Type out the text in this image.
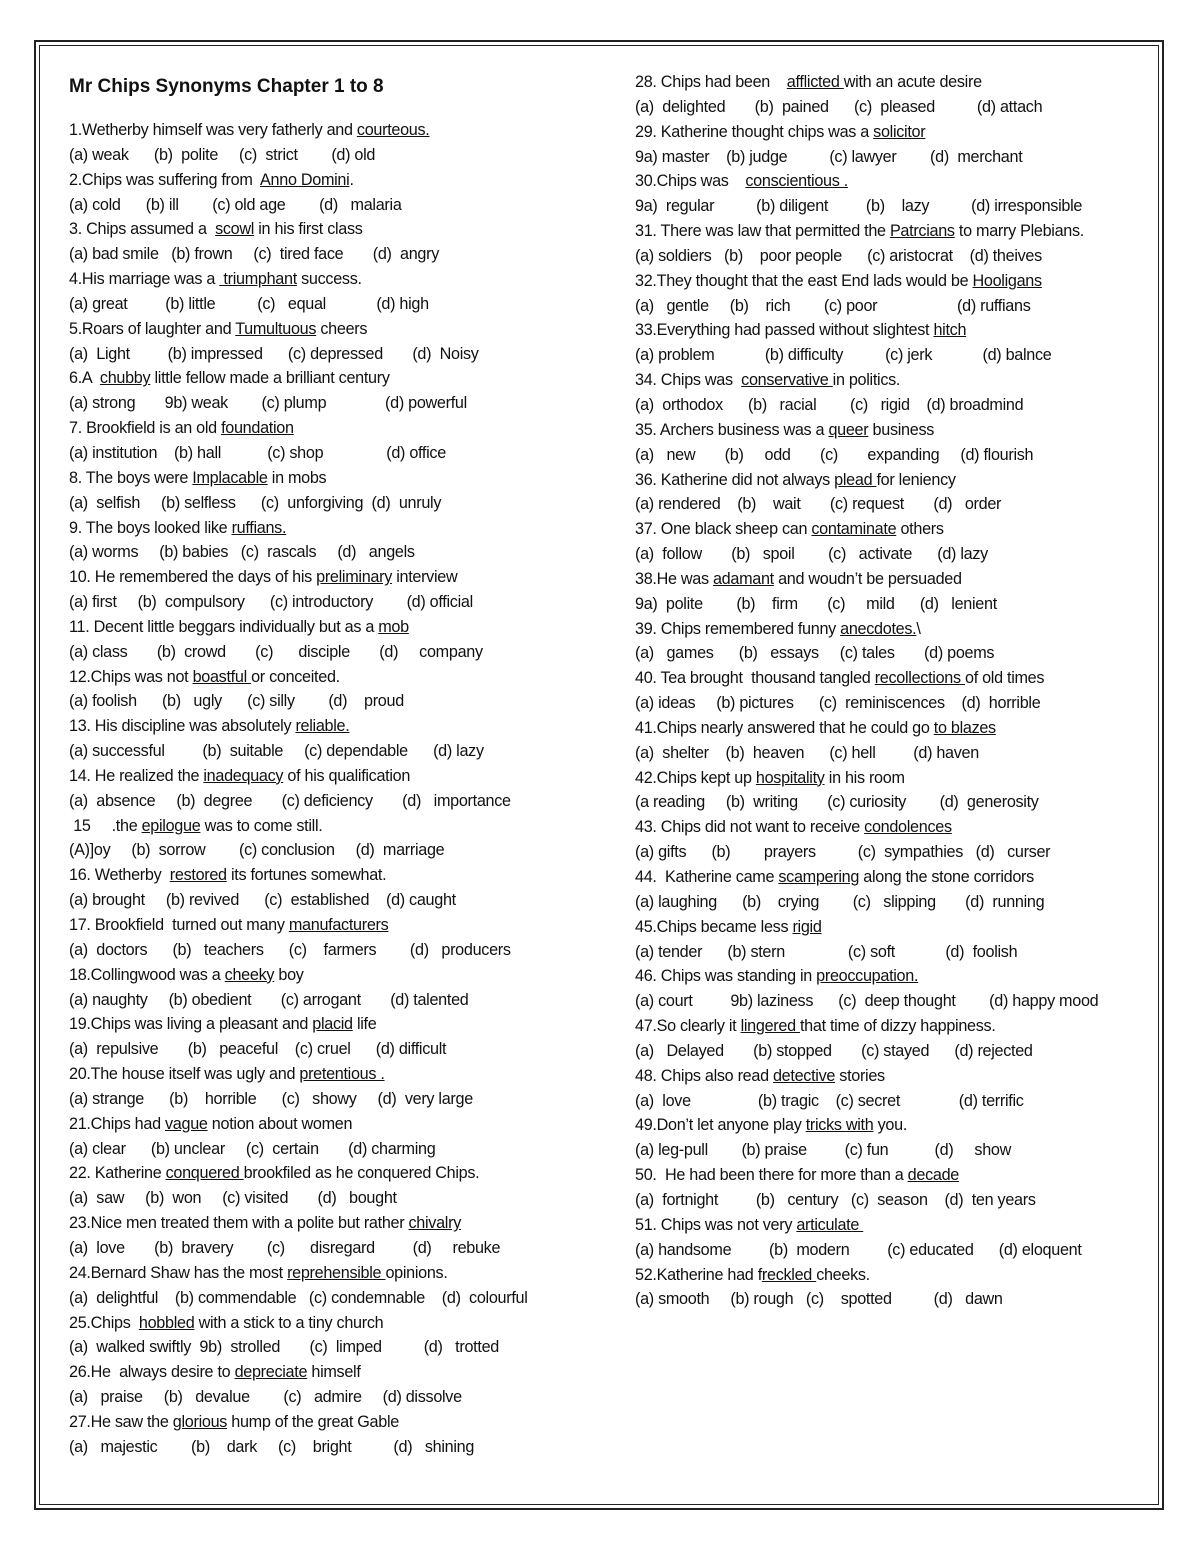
Mr Chips Synonyms Chapter 1 to 8
1.Wetherby himself was very fatherly and courteous.
(a) weak      (b)  polite     (c)  strict        (d) old
2.Chips was suffering from  Anno Domini.
(a) cold      (b) ill        (c) old age        (d)   malaria
3. Chips assumed a  scowl in his first class
(a) bad smile   (b) frown     (c)  tired face       (d)  angry
4.His marriage was a  triumphant success.
(a) great         (b) little          (c)   equal            (d) high
5.Roars of laughter and Tumultuous cheers
(a)  Light         (b) impressed      (c) depressed       (d)  Noisy
6.A  chubby little fellow made a brilliant century
(a) strong       9b) weak        (c) plump              (d) powerful
7. Brookfield is an old foundation
(a) institution    (b) hall           (c) shop               (d) office
8. The boys were Implacable in mobs
(a)  selfish     (b) selfless      (c)  unforgiving  (d)  unruly
9. The boys looked like ruffians.
(a) worms     (b) babies   (c)  rascals     (d)   angels
10. He remembered the days of his preliminary interview
(a) first     (b)  compulsory      (c) introductory        (d) official
11. Decent little beggars individually but as a mob
(a) class       (b)  crowd       (c)      disciple       (d)     company
12.Chips was not boastful or conceited.
(a) foolish      (b)   ugly      (c) silly        (d)    proud
13. His discipline was absolutely reliable.
(a) successful         (b)  suitable     (c) dependable      (d) lazy
14. He realized the inadequacy of his qualification
(a)  absence     (b)  degree       (c) deficiency       (d)   importance
15     .the epilogue was to come still.
(A)]oy     (b)  sorrow        (c) conclusion     (d)  marriage
16. Wetherby  restored its fortunes somewhat.
(a) brought     (b) revived      (c)  established    (d) caught
17. Brookfield  turned out many manufacturers
(a)  doctors      (b)   teachers      (c)    farmers        (d)   producers
18.Collingwood was a cheeky boy
(a) naughty     (b) obedient       (c) arrogant       (d) talented
19.Chips was living a pleasant and placid life
(a)  repulsive       (b)   peaceful    (c) cruel      (d) difficult
20.The house itself was ugly and pretentious .
(a) strange      (b)    horrible      (c)   showy     (d)  very large
21.Chips had vague notion about women
(a) clear      (b) unclear     (c)  certain       (d) charming
22. Katherine conquered brookfiled as he conquered Chips.
(a)  saw     (b)  won     (c) visited       (d)   bought
23.Nice men treated them with a polite but rather chivalry
(a)  love       (b)  bravery        (c)      disregard         (d)     rebuke
24.Bernard Shaw has the most reprehensible opinions.
(a)  delightful    (b) commendable   (c) condemnable    (d)  colourful
25.Chips  hobbled with a stick to a tiny church
(a)  walked swiftly  9b)  strolled       (c)  limped          (d)   trotted
26.He  always desire to depreciate himself
(a)   praise     (b)   devalue        (c)   admire     (d) dissolve
27.He saw the glorious hump of the great Gable
(a)   majestic        (b)    dark     (c)    bright          (d)   shining
28. Chips had been    afflicted with an acute desire
(a)  delighted       (b)  pained      (c)  pleased          (d) attach
29. Katherine thought chips was a solicitor
9a) master    (b) judge          (c) lawyer        (d)  merchant
30.Chips was    conscientious .
9a)  regular          (b) diligent         (b)    lazy          (d) irresponsible
31. There was law that permitted the Patrcians to marry Plebians.
(a) soldiers   (b)    poor people      (c) aristocrat    (d) theives
32.They thought that the east End lads would be Hooligans
(a)   gentle     (b)    rich        (c) poor                   (d) ruffians
33.Everything had passed without slightest hitch
(a) problem            (b) difficulty          (c) jerk            (d) balnce
34. Chips was  conservative in politics.
(a)  orthodox      (b)   racial        (c)   rigid    (d) broadmind
35. Archers business was a queer business
(a)   new       (b)     odd       (c)       expanding     (d) flourish
36. Katherine did not always plead for leniency
(a) rendered    (b)    wait       (c) request       (d)   order
37. One black sheep can contaminate others
(a)  follow       (b)   spoil        (c)   activate      (d) lazy
38.He was adamant and woudn’t be persuaded
9a)  polite        (b)    firm       (c)     mild      (d)   lenient
39. Chips remembered funny anecdotes.\
(a)   games      (b)   essays     (c) tales       (d) poems
40. Tea brought  thousand tangled recollections of old times
(a) ideas     (b) pictures      (c)  reminiscences    (d)  horrible
41.Chips nearly answered that he could go to blazes
(a)  shelter    (b)  heaven      (c) hell         (d) haven
42.Chips kept up hospitality in his room
(a reading     (b)  writing       (c) curiosity        (d)  generosity
43. Chips did not want to receive condolences
(a) gifts      (b)        prayers          (c)  sympathies   (d)   curser
44.  Katherine came scampering along the stone corridors
(a) laughing      (b)    crying        (c)   slipping       (d)  running
45.Chips became less rigid
(a) tender      (b) stern               (c) soft            (d)  foolish
46. Chips was standing in preoccupation.
(a) court         9b) laziness      (c)  deep thought        (d) happy mood
47.So clearly it lingered that time of dizzy happiness.
(a)   Delayed       (b) stopped       (c) stayed      (d) rejected
48. Chips also read detective stories
(a)  love                (b) tragic    (c) secret              (d) terrific
49.Don’t let anyone play tricks with you.
(a) leg-pull        (b) praise         (c) fun           (d)     show
50.  He had been there for more than a decade
(a)  fortnight         (b)   century   (c)  season    (d)  ten years
51. Chips was not very articulate
(a) handsome         (b)  modern         (c) educated      (d) eloquent
52.Katherine had freckled cheeks.
(a) smooth     (b) rough   (c)    spotted          (d)   dawn
